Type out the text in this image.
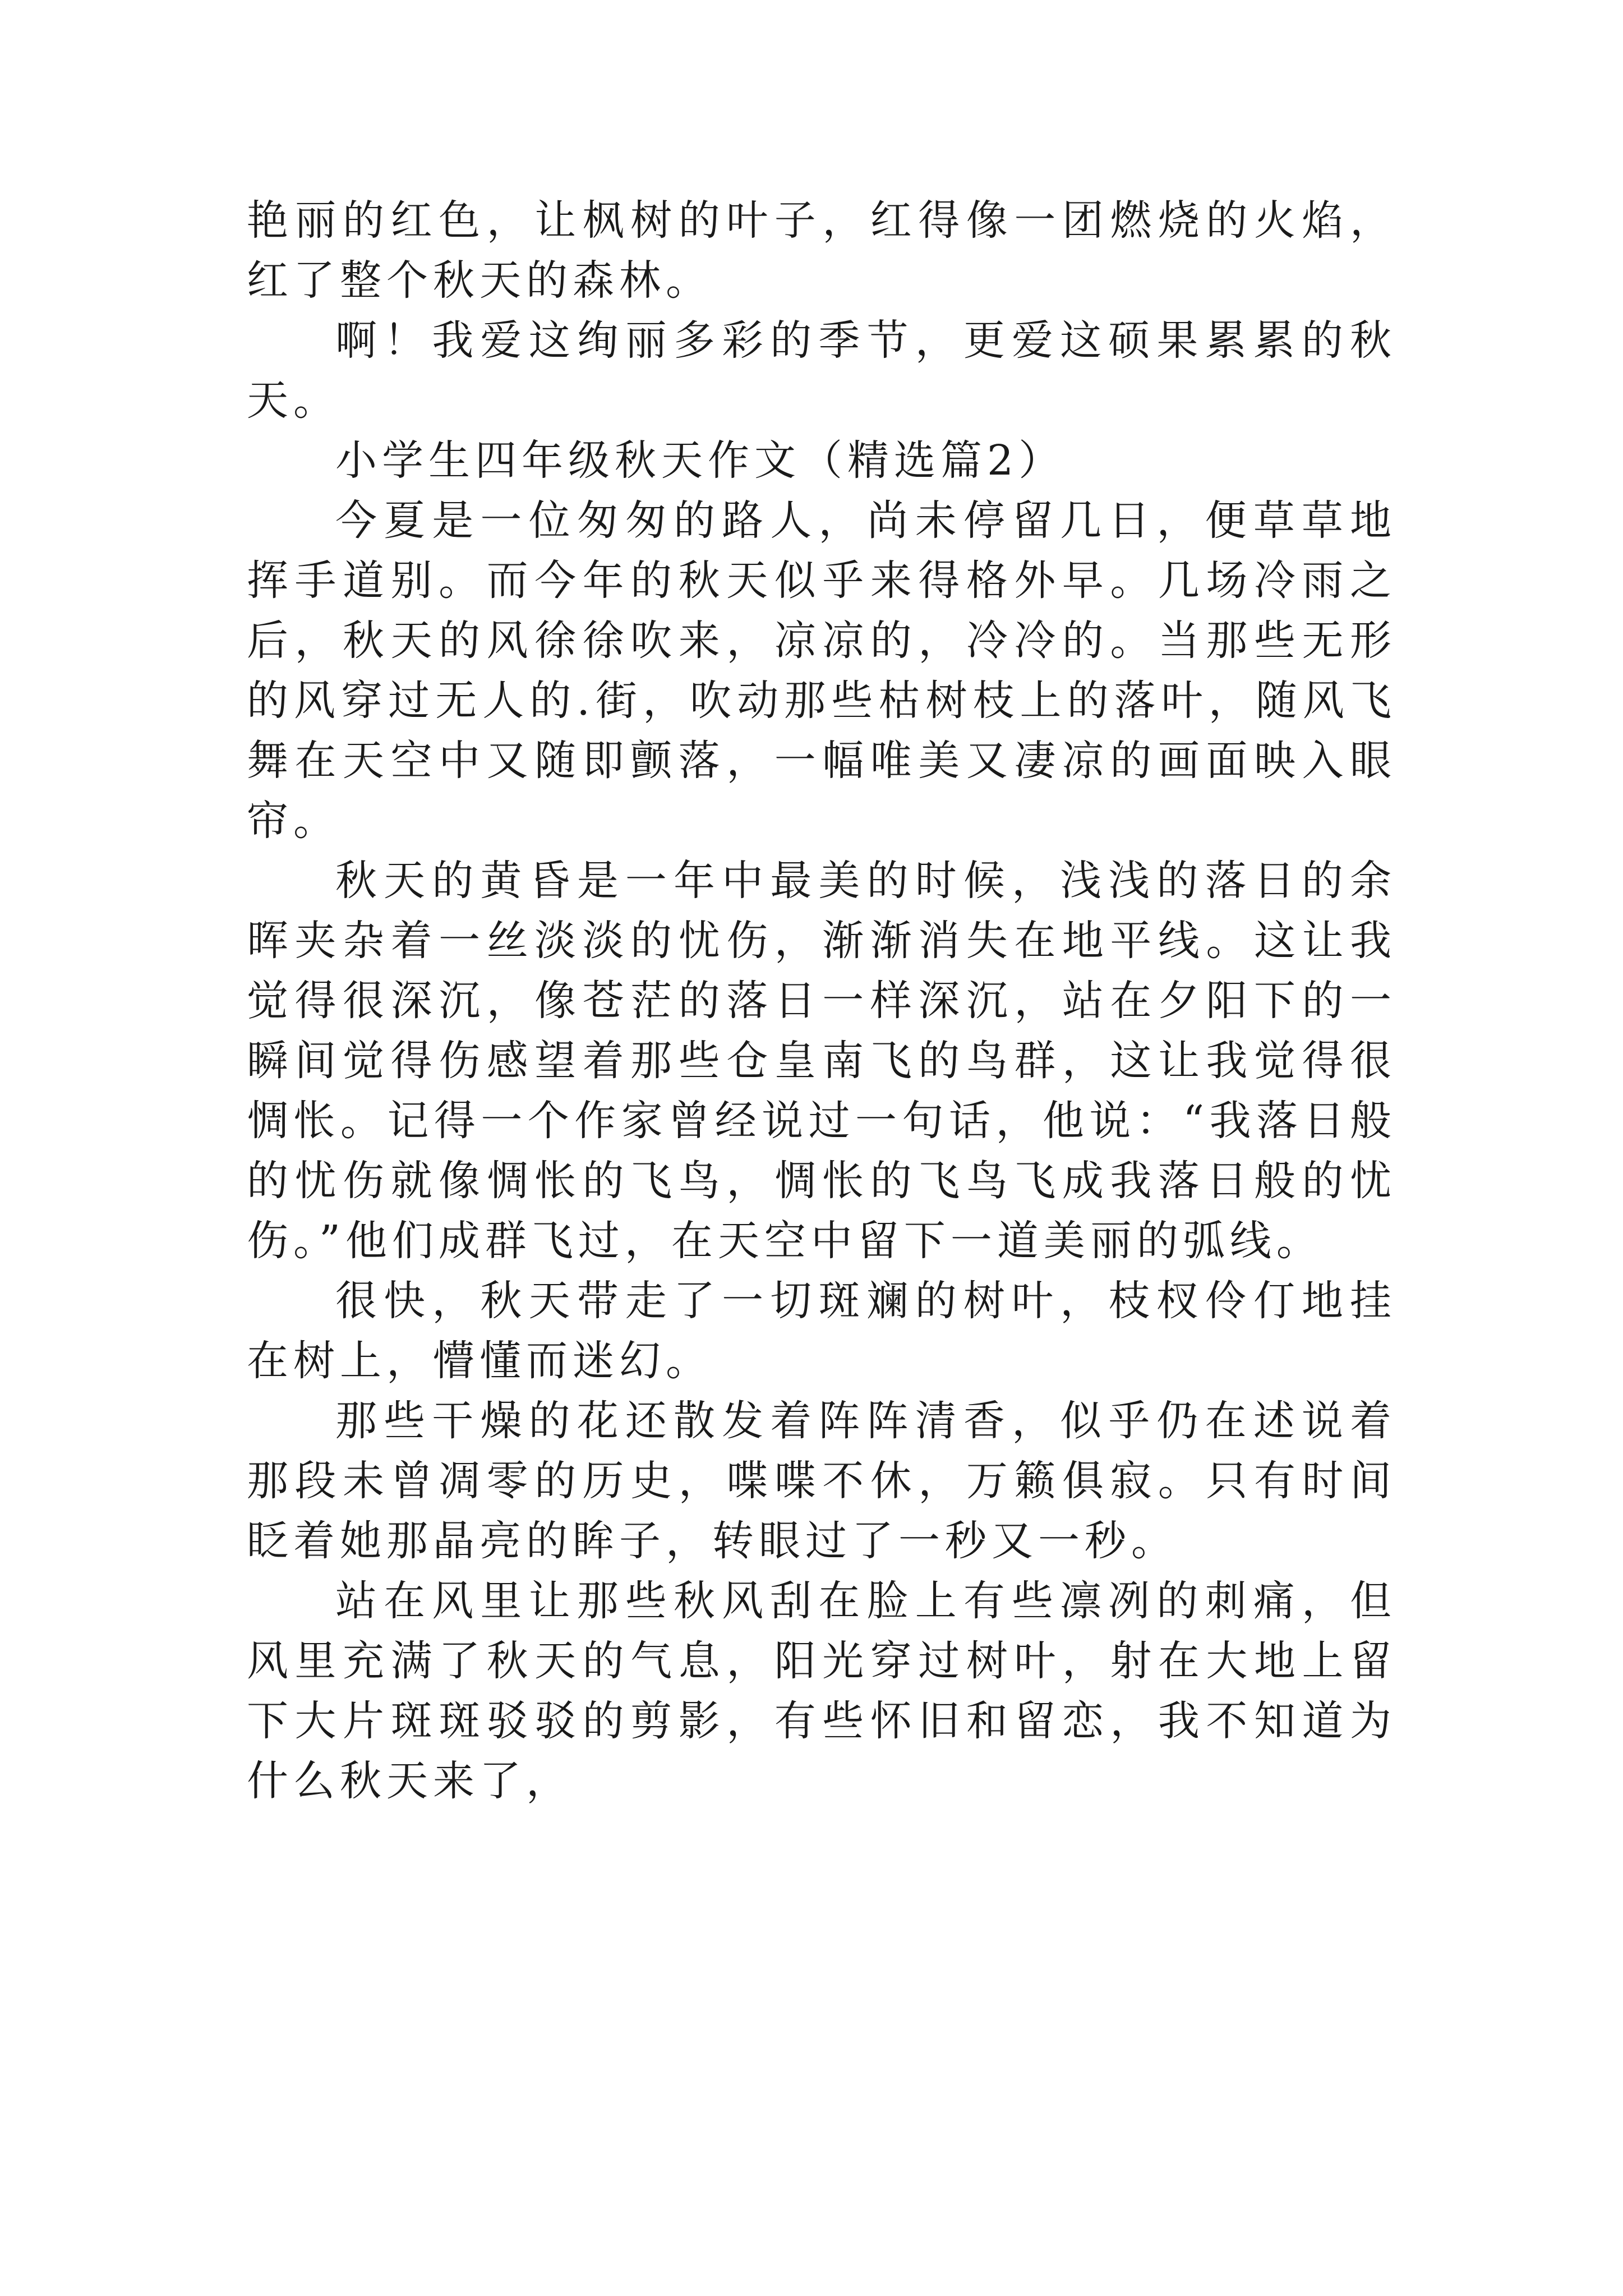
艳丽的红色，让枫树的叶子，红得像一团燃烧的火焰，红了整个秋天的森林。

啊！我爱这绚丽多彩的季节，更爱这硕果累累的秋天。

小学生四年级秋天作文（精选篇2）

今夏是一位匆匆的路人，尚未停留几日，便草草地挥手道别。而今年的秋天似乎来得格外早。几场冷雨之后，秋天的风徐徐吹来，凉凉的，冷冷的。当那些无形的风穿过无人的.街，吹动那些枯树枝上的落叶，随风飞舞在天空中又随即颤落，一幅唯美又凄凉的画面映入眼帘。

秋天的黄昏是一年中最美的时候，浅浅的落日的余晖夹杂着一丝淡淡的忧伤，渐渐消失在地平线。这让我觉得很深沉，像苍茫的落日一样深沉，站在夕阳下的一瞬间觉得伤感望着那些仓皇南飞的鸟群，这让我觉得很惆怅。记得一个作家曾经说过一句话，他说：“我落日般的忧伤就像惆怅的飞鸟，惆怅的飞鸟飞成我落日般的忧伤。”他们成群飞过，在天空中留下一道美丽的弧线。

很快，秋天带走了一切斑斓的树叶，枝杈伶仃地挂在树上，懵懂而迷幻。

那些干燥的花还散发着阵阵清香，似乎仍在述说着那段未曾凋零的历史，喋喋不休，万籁俱寂。只有时间眨着她那晶亮的眸子，转眼过了一秒又一秒。

站在风里让那些秋风刮在脸上有些凛冽的刺痛，但风里充满了秋天的气息，阳光穿过树叶，射在大地上留下大片斑斑驳驳的剪影，有些怀旧和留恋，我不知道为什么秋天来了，
